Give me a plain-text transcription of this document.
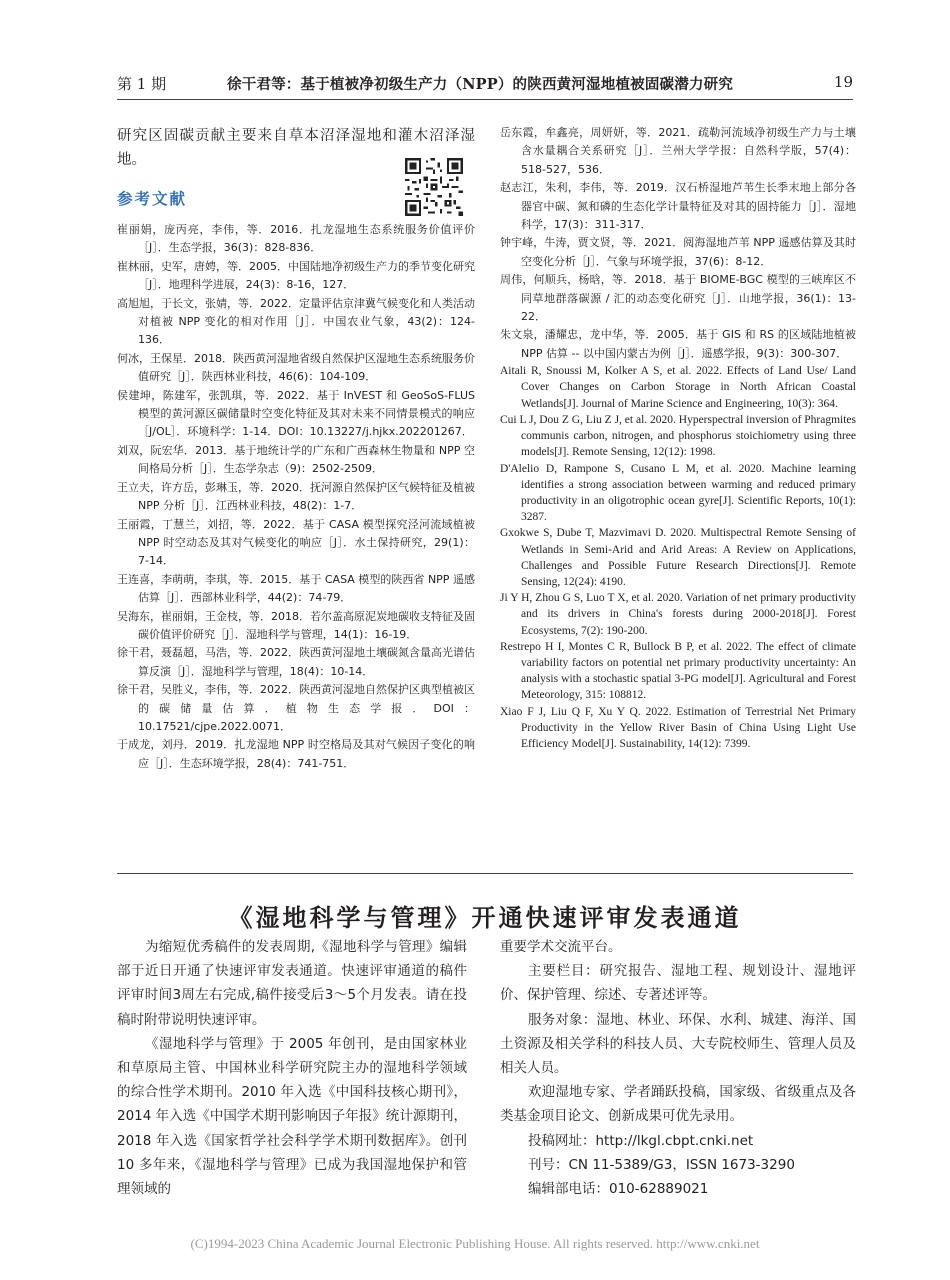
第 1 期	徐干君等：基于植被净初级生产力（NPP）的陕西黄河湿地植被固碳潜力研究	19
研究区固碳贡献主要来自草本沼泽湿地和灌木沼泽湿地。
参考文献

崔丽娟，庞丙亮，李伟，等．2016．扎龙湿地生态系统服务价值评价［J］．生态学报，36(3)：828-836．

崔林丽，史军，唐娉，等．2005．中国陆地净初级生产力的季节变化研究［J］．地理科学进展，24(3)：8-16，127．

高旭旭，于长文，张婧，等．2022．定量评估京津冀气候变化和人类活动对植被 NPP 变化的相对作用［J］．中国农业气象，43(2)：124-136．

何冰，王保星．2018．陕西黄河湿地省级自然保护区湿地生态系统服务价值研究［J］．陕西林业科技，46(6)：104-109．

侯建坤，陈建军，张凯琪，等．2022．基于 InVEST 和 GeoSoS-FLUS 模型的黄河源区碳储量时空变化特征及其对未来不同情景模式的响应［J/OL］．环境科学：1-14．DOI：10.13227/j.hjkx.202201267．

刘双，阮宏华．2013．基于地统计学的广东和广西森林生物量和 NPP 空间格局分析［J］．生态学杂志（9)：2502-2509．

王立夫，许方岳，彭琳玉，等．2020．抚河源自然保护区气候特征及植被 NPP 分析［J］．江西林业科技，48(2)：1-7．

王丽霞，丁慧兰，刘招，等．2022．基于 CASA 模型探究泾河流域植被 NPP 时空动态及其对气候变化的响应［J］．水土保持研究，29(1)：7-14．

王连喜，李萌萌，李琪，等．2015．基于 CASA 模型的陕西省 NPP 遥感估算［J］．西部林业科学，44(2)：74-79．

吴海东，崔丽娟，王金枝，等．2018．若尔盖高原泥炭地碳收支特征及固碳价值评价研究［J］．湿地科学与管理，14(1)：16-19．

徐干君，聂磊超，马浩，等．2022．陕西黄河湿地土壤碳氮含量高光谱估算反演［J］．湿地科学与管理，18(4)：10-14．

徐干君，吴胜义，李伟，等．2022．陕西黄河湿地自然保护区典型植被区的碳储量估算．植物生态学报．DOI：10.17521/cjpe.2022.0071．

于成龙，刘丹．2019．扎龙湿地 NPP 时空格局及其对气候因子变化的响应［J］．生态环境学报，28(4)：741-751．

岳东霞，牟鑫亮，周妍妍，等．2021．疏勒河流域净初级生产力与土壤含水量耦合关系研究［J］．兰州大学学报：自然科学版，57(4)：518-527，536．

赵志江，朱利，李伟，等．2019．汉石桥湿地芦苇生长季末地上部分各器官中碳、氮和磷的生态化学计量特征及对其的固持能力［J］．湿地科学，17(3)：311-317．

钟宇峰，牛涛，贾文贤，等．2021．阅海湿地芦苇 NPP 遥感估算及其时空变化分析［J］．气象与环境学报，37(6)：8-12．

周伟，何顺兵，杨晗，等．2018．基于 BIOME-BGC 模型的三峡库区不同草地群落碳源 / 汇的动态变化研究［J］．山地学报，36(1)：13-22．

朱文泉，潘耀忠，龙中华，等．2005．基于 GIS 和 RS 的区域陆地植被 NPP 估算 -- 以中国内蒙古为例［J］．遥感学报，9(3)：300-307．

Aitali R, Snoussi M, Kolker A S, et al. 2022. Effects of Land Use/ Land Cover Changes on Carbon Storage in North African Coastal Wetlands[J]. Journal of Marine Science and Engineering, 10(3): 364.

Cui L J, Dou Z G, Liu Z J, et al. 2020. Hyperspectral inversion of Phragmites communis carbon, nitrogen, and phosphorus stoichiometry using three models[J]. Remote Sensing, 12(12): 1998.

D'Alelio D, Rampone S, Cusano L M, et al. 2020. Machine learning identifies a strong association between warming and reduced primary productivity in an oligotrophic ocean gyre[J]. Scientific Reports, 10(1): 3287.

Gxokwe S, Dube T, Mazvimavi D. 2020. Multispectral Remote Sensing of Wetlands in Semi-Arid and Arid Areas: A Review on Applications, Challenges and Possible Future Research Directions[J]. Remote Sensing, 12(24): 4190.

Ji Y H, Zhou G S, Luo T X, et al. 2020. Variation of net primary productivity and its drivers in China's forests during 2000-2018[J]. Forest Ecosystems, 7(2): 190-200.

Restrepo H I, Montes C R, Bullock B P, et al. 2022. The effect of climate variability factors on potential net primary productivity uncertainty: An analysis with a stochastic spatial 3-PG model[J]. Agricultural and Forest Meteorology, 315: 108812.

Xiao F J, Liu Q F, Xu Y Q. 2022. Estimation of Terrestrial Net Primary Productivity in the Yellow River Basin of China Using Light Use Efficiency Model[J]. Sustainability, 14(12): 7399.

《湿地科学与管理》开通快速评审发表通道

为缩短优秀稿件的发表周期,《湿地科学与管理》编辑部于近日开通了快速评审发表通道。快速评审通道的稿件评审时间3周左右完成,稿件接受后3～5个月发表。请在投稿时附带说明快速评审。

《湿地科学与管理》于 2005 年创刊，是由国家林业和草原局主管、中国林业科学研究院主办的湿地科学领域的综合性学术期刊。2010 年入选《中国科技核心期刊》，2014 年入选《中国学术期刊影响因子年报》统计源期刊，2018 年入选《国家哲学社会科学学术期刊数据库》。创刊 10 多年来，《湿地科学与管理》已成为我国湿地保护和管理领域的

重要学术交流平台。

主要栏目：研究报告、湿地工程、规划设计、湿地评价、保护管理、综述、专著述评等。

服务对象：湿地、林业、环保、水利、城建、海洋、国土资源及相关学科的科技人员、大专院校师生、管理人员及相关人员。

欢迎湿地专家、学者踊跃投稿，国家级、省级重点及各类基金项目论文、创新成果可优先录用。

投稿网址：http://lkgl.cbpt.cnki.net

刊号：CN 11-5389/G3，ISSN 1673-3290

编辑部电话：010-62889021

(C)1994-2023 China Academic Journal Electronic Publishing House. All rights reserved. http://www.cnki.net
